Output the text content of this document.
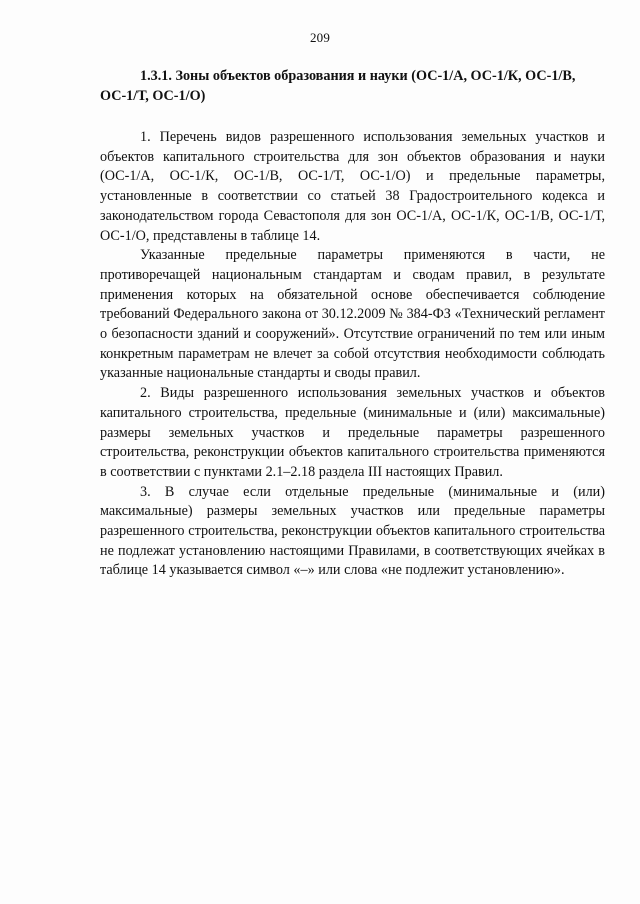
209

1.3.1. Зоны объектов образования и науки (ОС-1/А, ОС-1/К, ОС-1/В, ОС-1/Т, ОС-1/О)

1. Перечень видов разрешенного использования земельных участков и объектов капитального строительства для зон объектов образования и науки (ОС-1/А, ОС-1/К, ОС-1/В, ОС-1/Т, ОС-1/О) и предельные параметры, установленные в соответствии со статьей 38 Градостроительного кодекса и законодательством города Севастополя для зон ОС-1/А, ОС-1/К, ОС-1/В, ОС-1/Т, ОС-1/О, представлены в таблице 14.

Указанные предельные параметры применяются в части, не противоречащей национальным стандартам и сводам правил, в результате применения которых на обязательной основе обеспечивается соблюдение требований Федерального закона от 30.12.2009 № 384-ФЗ «Технический регламент о безопасности зданий и сооружений». Отсутствие ограничений по тем или иным конкретным параметрам не влечет за собой отсутствия необходимости соблюдать указанные национальные стандарты и своды правил.

2. Виды разрешенного использования земельных участков и объектов капитального строительства, предельные (минимальные и (или) максимальные) размеры земельных участков и предельные параметры разрешенного строительства, реконструкции объектов капитального строительства применяются в соответствии с пунктами 2.1–2.18 раздела III настоящих Правил.

3. В случае если отдельные предельные (минимальные и (или) максимальные) размеры земельных участков или предельные параметры разрешенного строительства, реконструкции объектов капитального строительства не подлежат установлению настоящими Правилами, в соответствующих ячейках в таблице 14 указывается символ «–» или слова «не подлежит установлению».
